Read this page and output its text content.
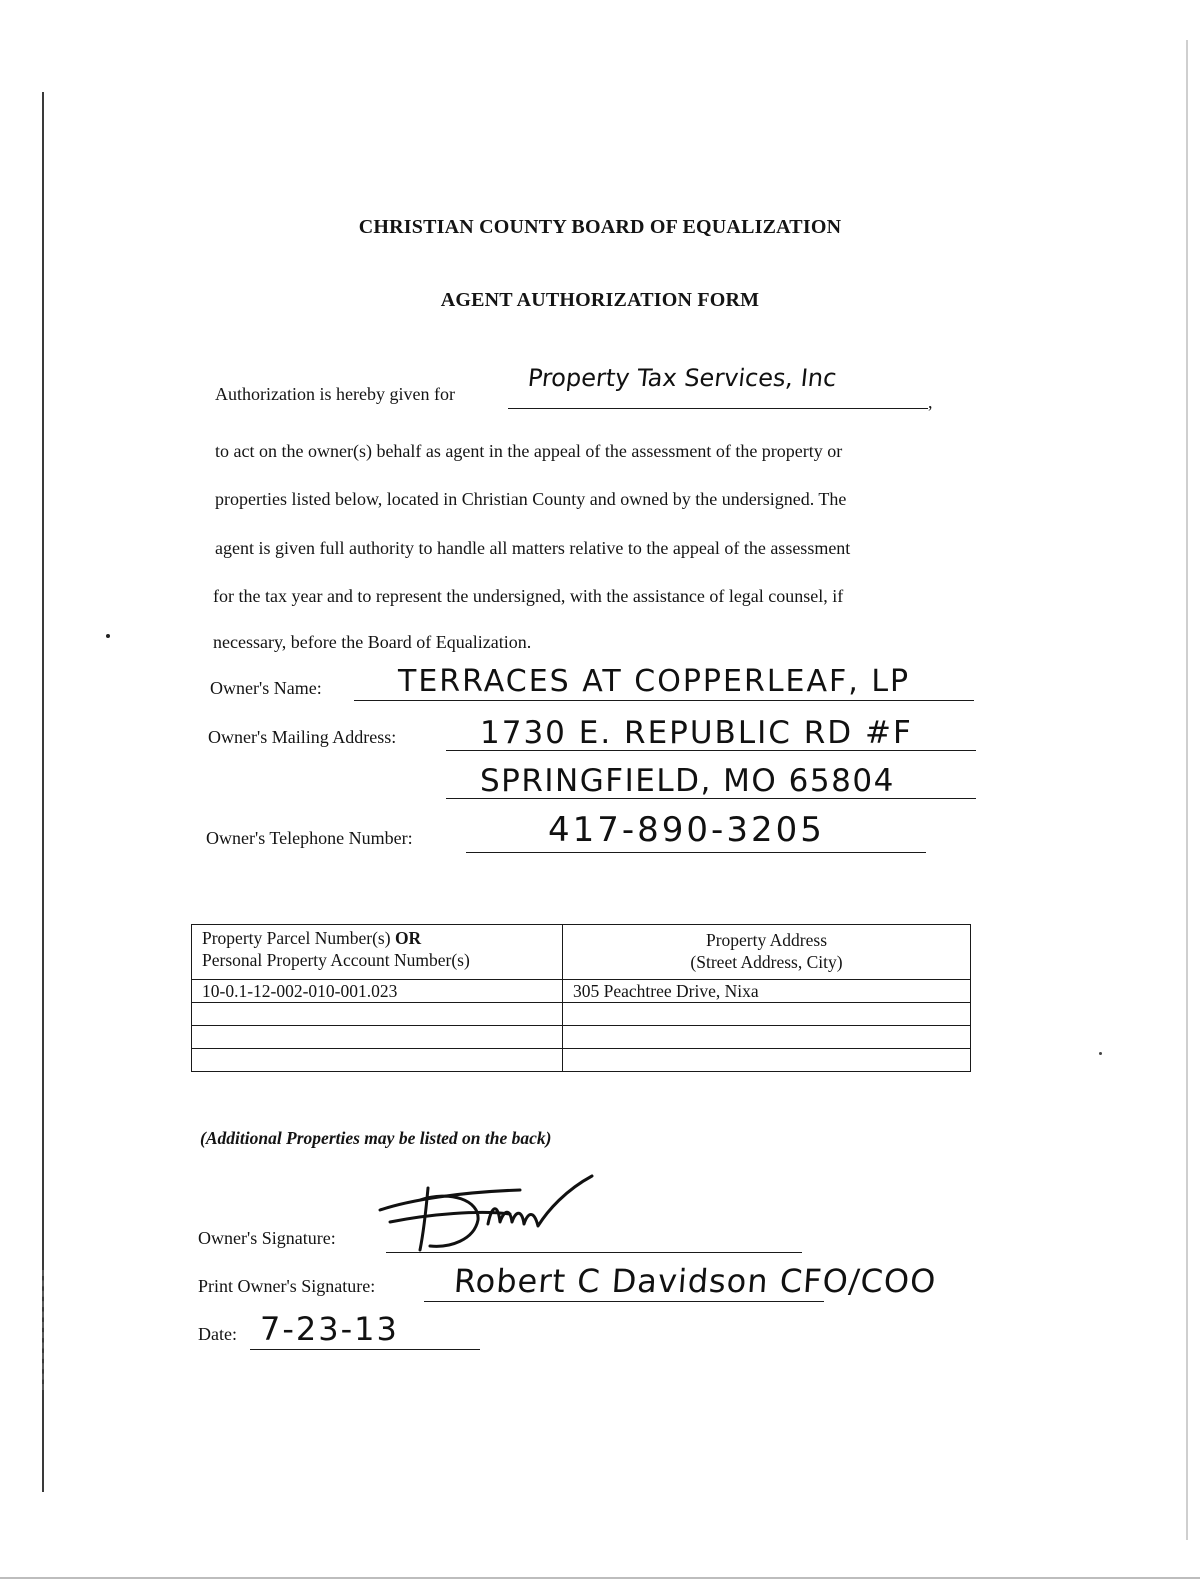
CHRISTIAN COUNTY BOARD OF EQUALIZATION
AGENT AUTHORIZATION FORM
Authorization is hereby given for
Property Tax Services, Inc
,
to act on the owner(s) behalf as agent in the appeal of the assessment of the property or
properties listed below, located in Christian County and owned by the undersigned. The
agent is given full authority to handle all matters relative to the appeal of the assessment
for the tax year and to represent the undersigned, with the assistance of legal counsel, if
necessary, before the Board of Equalization.
Owner's Name:	TERRACES AT COPPERLEAF, LP
Owner's Mailing Address:	1730 E. REPUBLIC RD #F
SPRINGFIELD, MO 65804
Owner's Telephone Number:	417-890-3205
Property Parcel Number(s) OR
Personal Property Account Number(s)	Property Address
(Street Address, City)
10-0.1-12-002-010-001.023	305 Peachtree Drive, Nixa

(Additional Properties may be listed on the back)
Owner's Signature:
Print Owner's Signature: Robert C Davidson CFO/COO
Date: 7-23-13
